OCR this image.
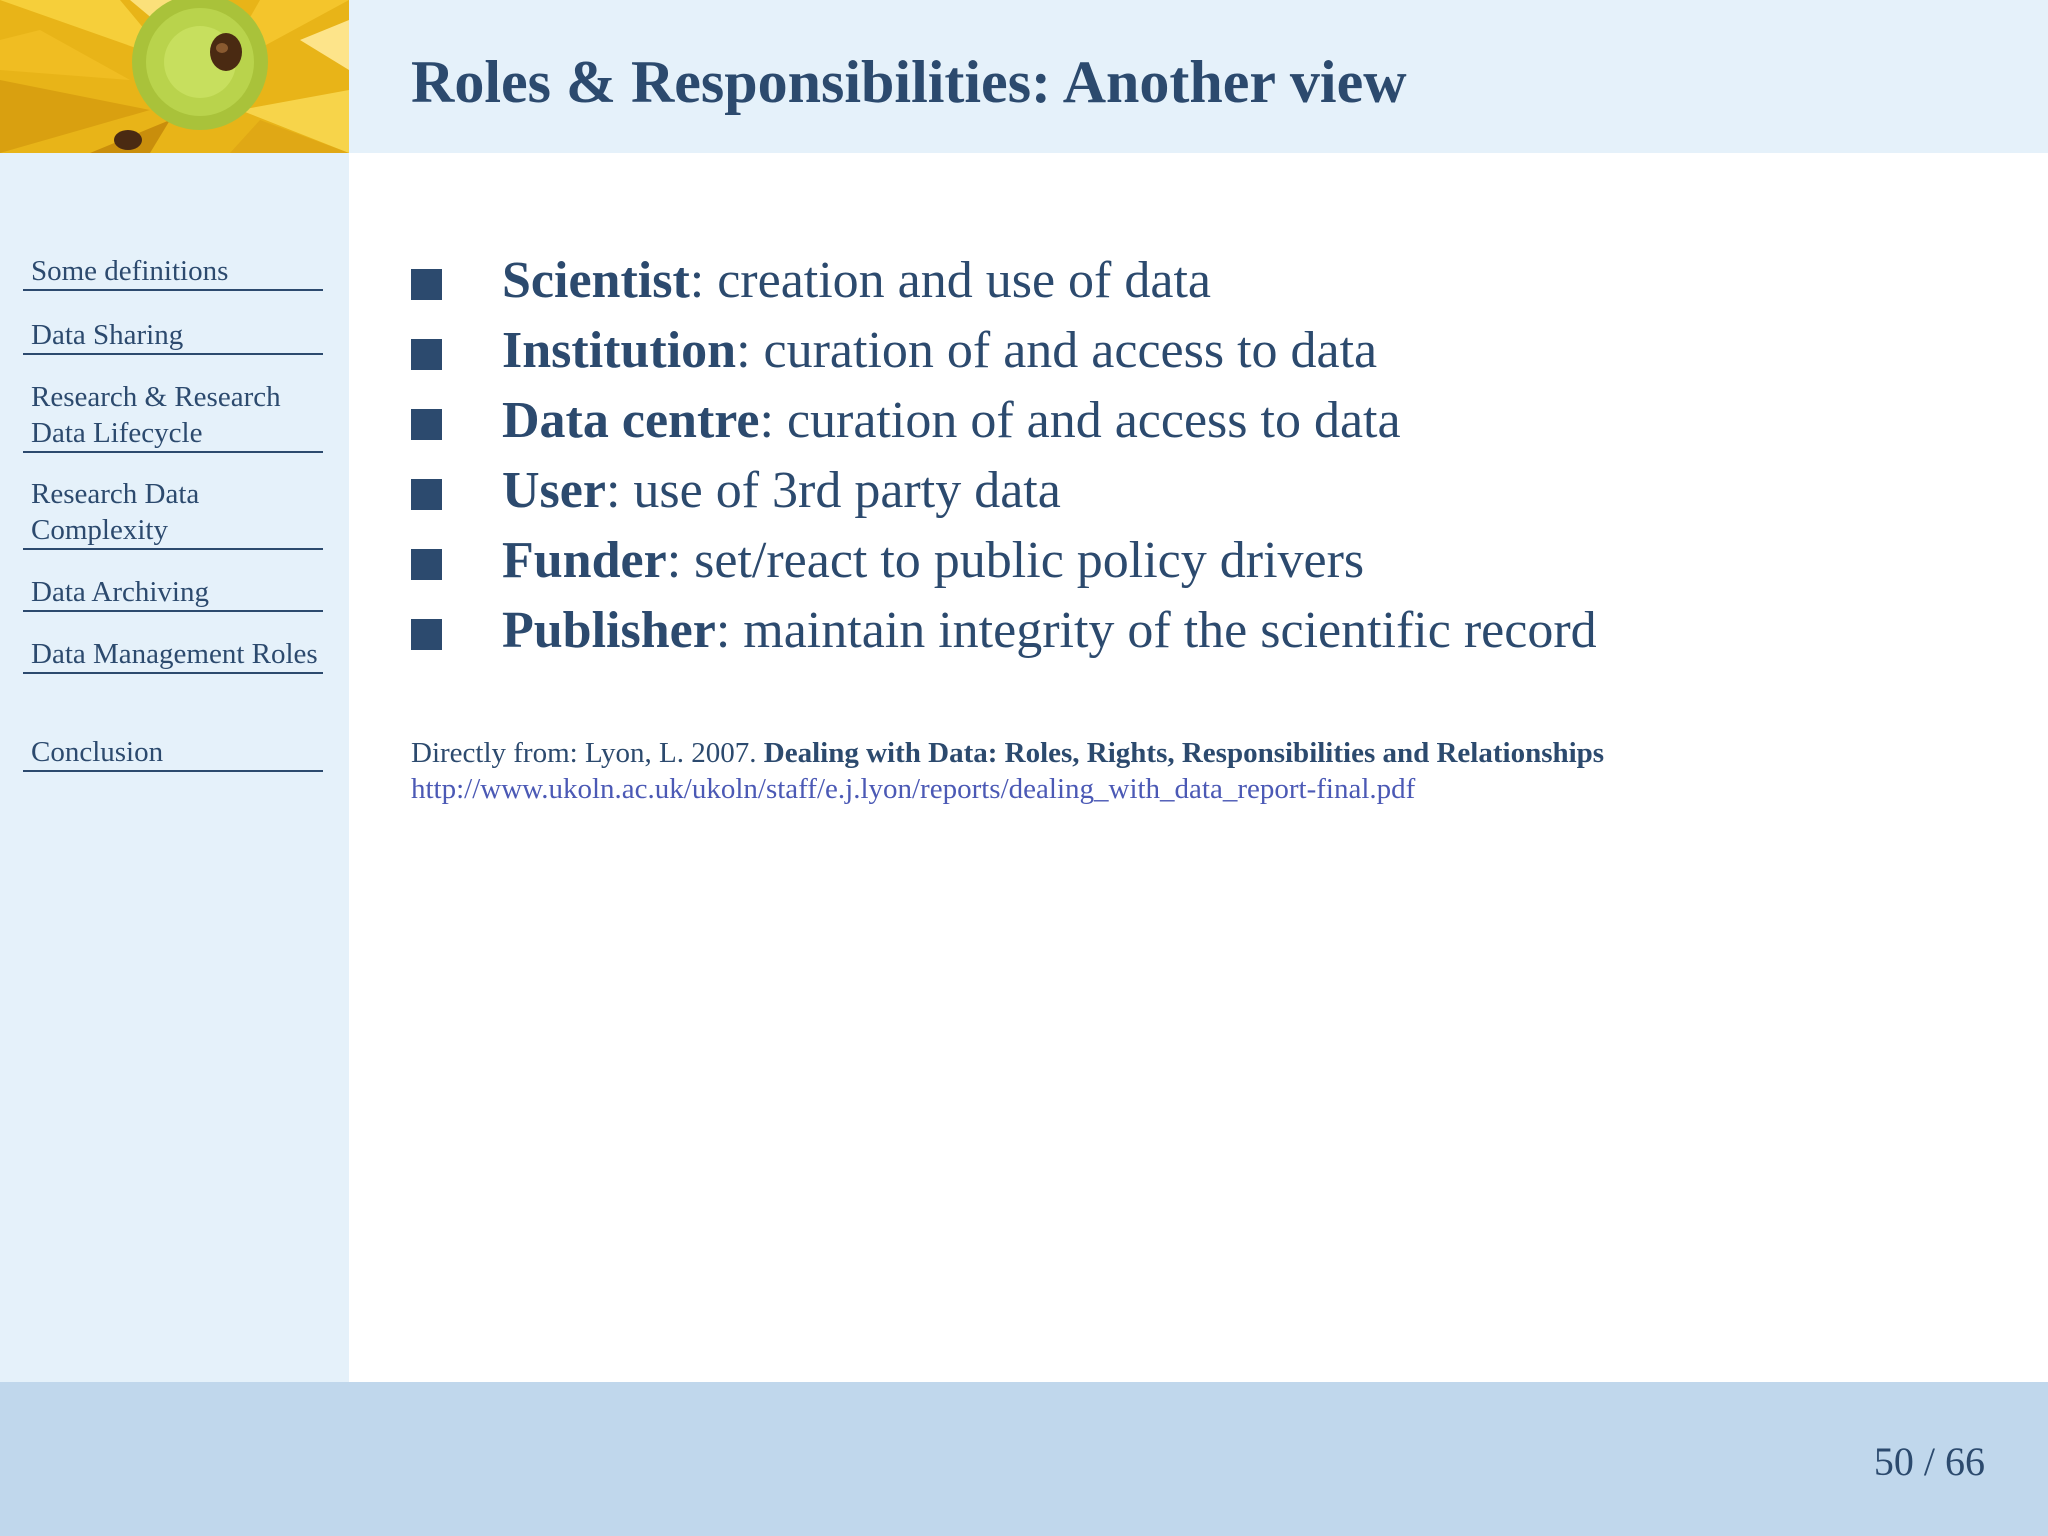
Roles & Responsibilities: Another view
Some definitions
Data Sharing
Research & Research Data Lifecycle
Research Data Complexity
Data Archiving
Data Management Roles
Conclusion
Scientist: creation and use of data
Institution: curation of and access to data
Data centre: curation of and access to data
User: use of 3rd party data
Funder: set/react to public policy drivers
Publisher: maintain integrity of the scientific record
Directly from: Lyon, L. 2007. Dealing with Data: Roles, Rights, Responsibilities and Relationships
http://www.ukoln.ac.uk/ukoln/staff/e.j.lyon/reports/dealing_with_data_report-final.pdf
50 / 66
